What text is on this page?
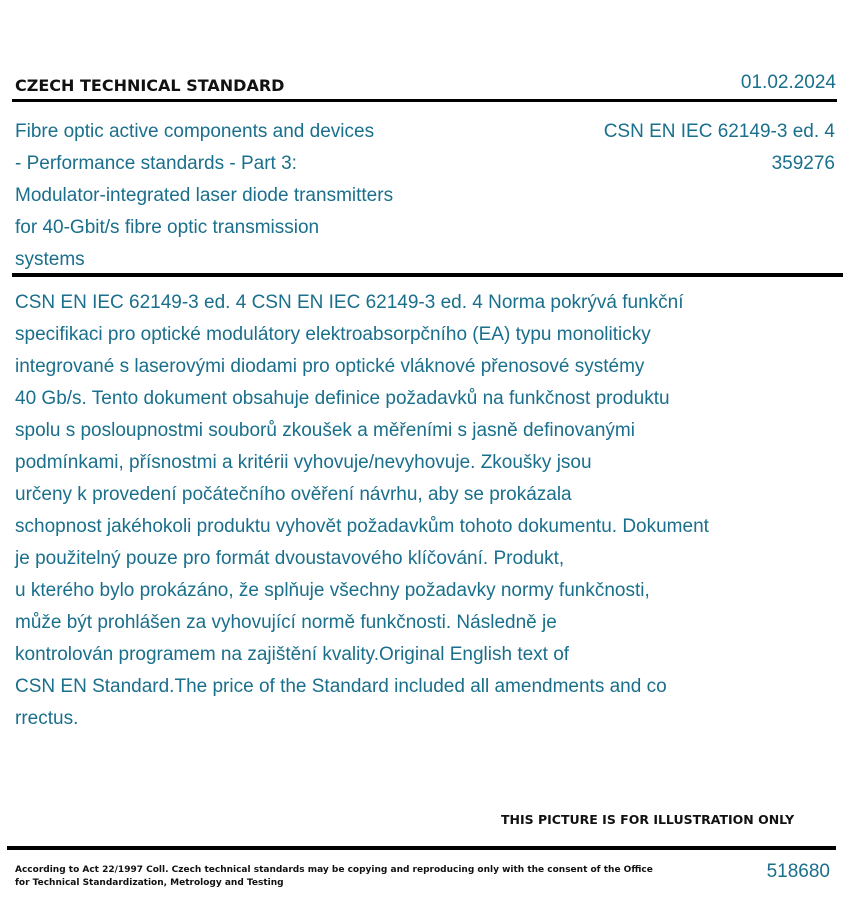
CZECH TECHNICAL STANDARD	01.02.2024
Fibre optic active components and devices
- Performance standards - Part 3:
Modulator-integrated laser diode transmitters
for 40-Gbit/s fibre optic transmission
systems
CSN EN IEC 62149-3 ed. 4
359276
CSN EN IEC 62149-3 ed. 4 CSN EN IEC 62149-3 ed. 4 Norma pokrývá funkční
specifikaci pro optické modulátory elektroabsorpčního (EA) typu monoliticky
integrované s laserovými diodami pro optické vláknové přenosové systémy
40 Gb/s. Tento dokument obsahuje definice požadavků na funkčnost produktu
spolu s posloupnostmi souborů zkoušek a měřeními s jasně definovanými
podmínkami, přísnostmi a kritérii vyhovuje/nevyhovuje. Zkoušky jsou
určeny k provedení počátečního ověření návrhu, aby se prokázala
schopnost jakéhokoli produktu vyhovět požadavkům tohoto dokumentu. Dokument
je použitelný pouze pro formát dvoustavového klíčování. Produkt,
u kterého bylo prokázáno, že splňuje všechny požadavky normy funkčnosti,
může být prohlášen za vyhovující normě funkčnosti. Následně je
kontrolován programem na zajištění kvality.Original English text of
CSN EN Standard.The price of the Standard included all amendments and co
rrectus.
THIS PICTURE IS FOR ILLUSTRATION ONLY
According to Act 22/1997 Coll. Czech technical standards may be copying and reproducing only with the consent of the Office
for Technical Standardization, Metrology and Testing
518680
